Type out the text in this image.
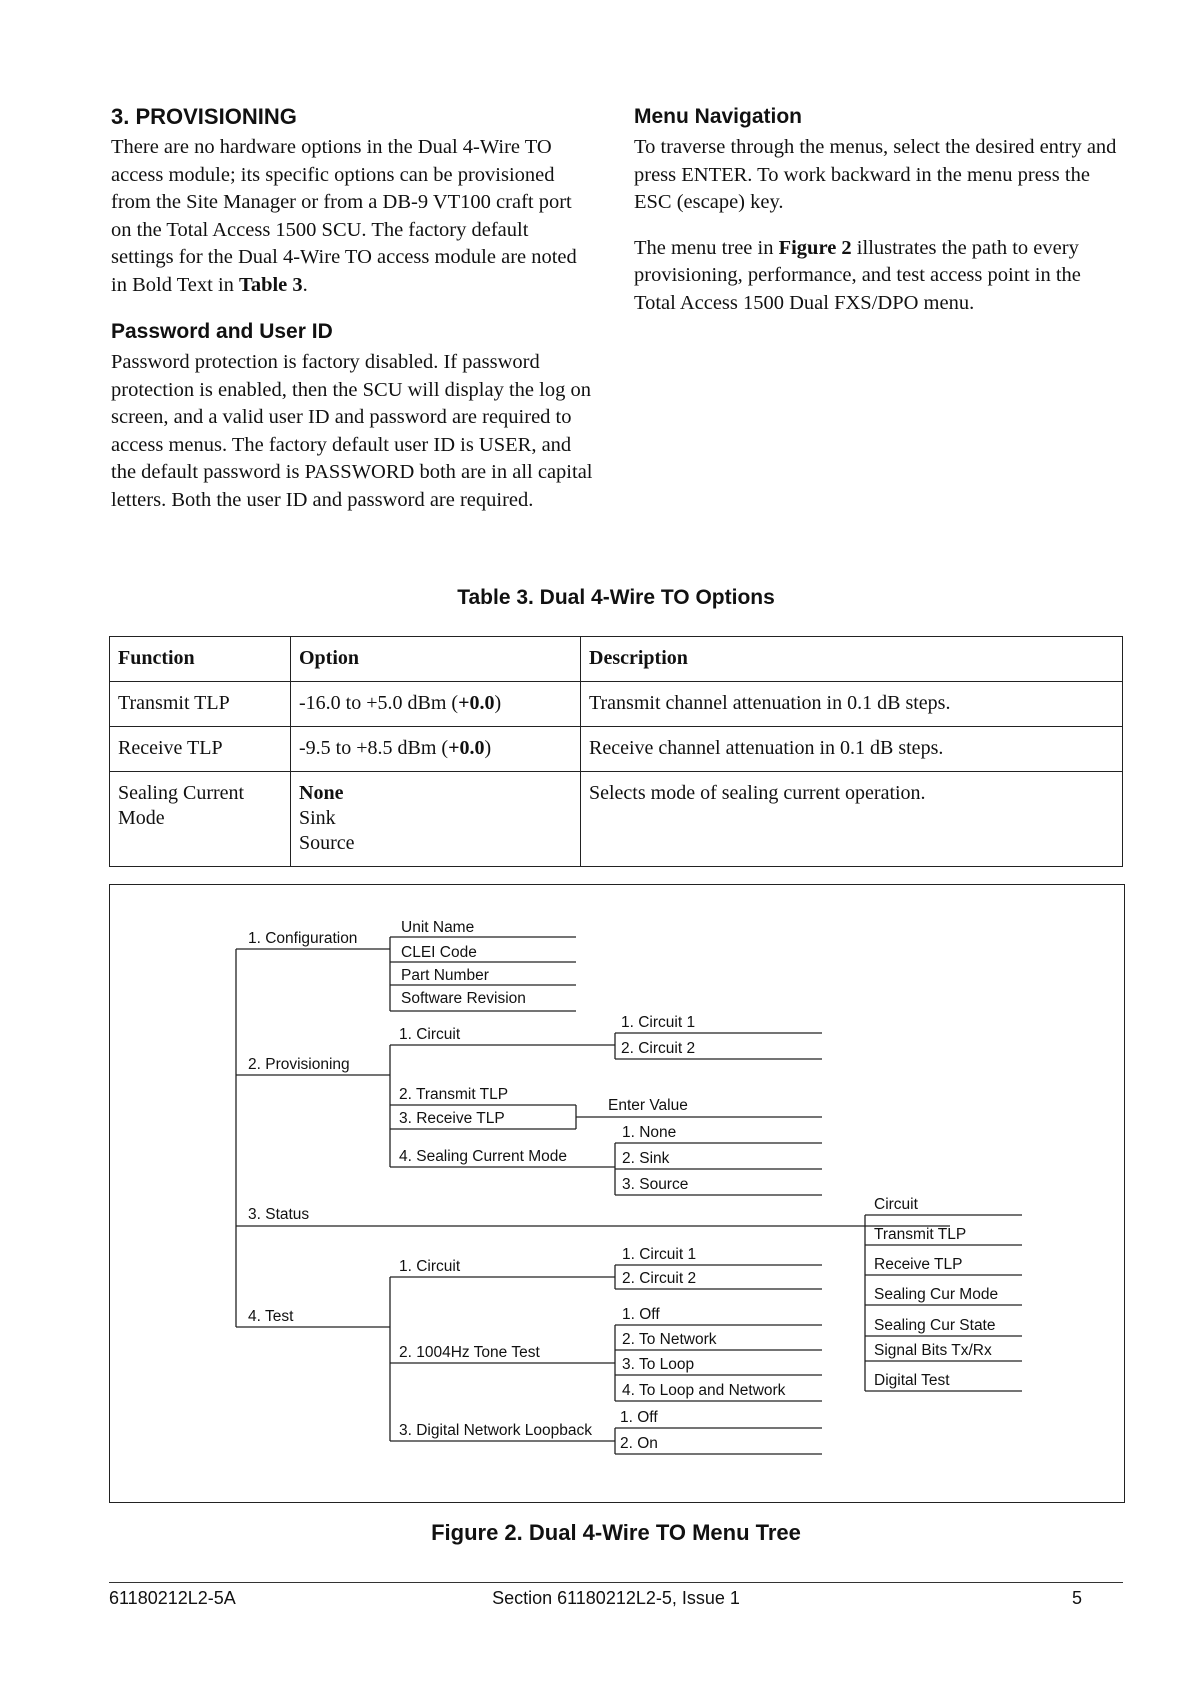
3. PROVISIONING

There are no hardware options in the Dual 4-Wire TO access module; its specific options can be provisioned from the Site Manager or from a DB-9 VT100 craft port on the Total Access 1500 SCU. The factory default settings for the Dual 4-Wire TO access module are noted in Bold Text in Table 3.

Password and User ID

Password protection is factory disabled. If password protection is enabled, then the SCU will display the log on screen, and a valid user ID and password are required to access menus. The factory default user ID is USER, and the default password is PASSWORD both are in all capital letters. Both the user ID and password are required.

Menu Navigation

To traverse through the menus, select the desired entry and press ENTER. To work backward in the menu press the ESC (escape) key.

The menu tree in Figure 2 illustrates the path to every provisioning, performance, and test access point in the Total Access 1500 Dual FXS/DPO menu.

Table 3. Dual 4-Wire TO Options
Function	Option	Description
Transmit TLP	-16.0 to +5.0 dBm (+0.0)	Transmit channel attenuation in 0.1 dB steps.
Receive TLP	-9.5 to +8.5 dBm (+0.0)	Receive channel attenuation in 0.1 dB steps.
Sealing Current Mode	None
Sink
Source	Selects mode of sealing current operation.
1. Configuration
2. Provisioning
3. Status
4. Test
Unit Name
CLEI Code
Part Number
Software Revision
1. Circuit
2. Transmit TLP
3. Receive TLP
4. Sealing Current Mode
1. Circuit 1
2. Circuit 2
Enter Value
1. None
2. Sink
3. Source
Circuit
Transmit TLP
Receive TLP
Sealing Cur Mode
Sealing Cur State
Signal Bits Tx/Rx
Digital Test
1. Circuit
2. 1004Hz Tone Test
3. Digital Network Loopback
1. Circuit 1
2. Circuit 2
1. Off
2. To Network
3. To Loop
4. To Loop and Network
1. Off
2. On
Figure 2. Dual 4-Wire TO Menu Tree
61180212L2-5A	Section 61180212L2-5, Issue 1	5
